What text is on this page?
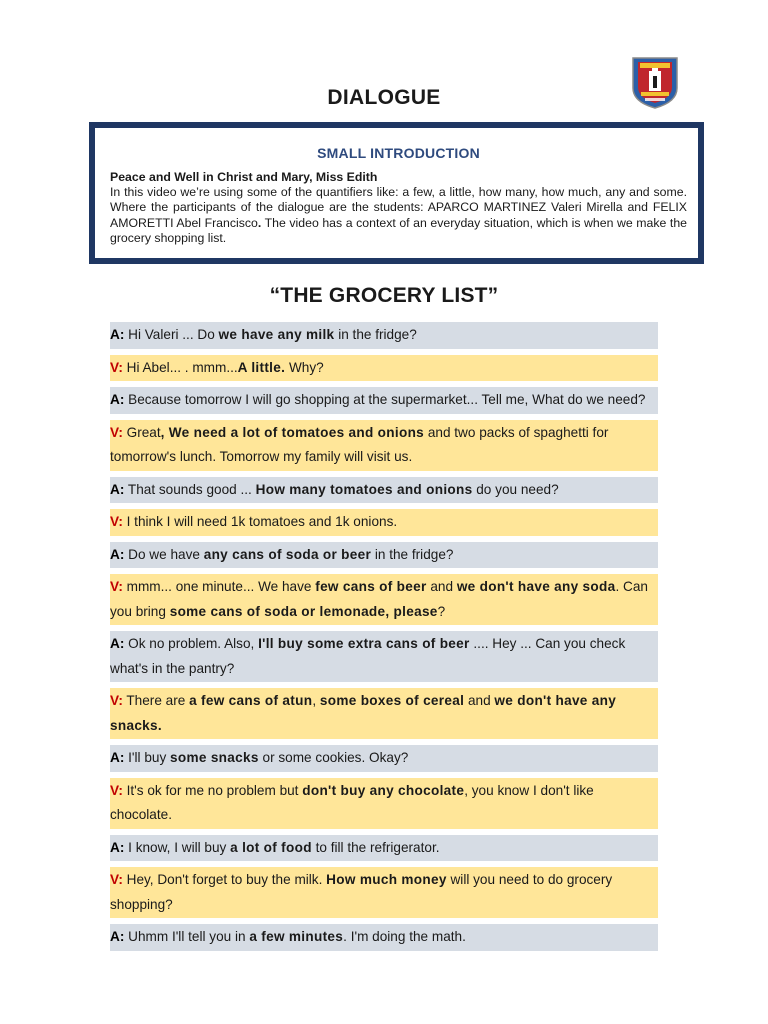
DIALOGUE
SMALL INTRODUCTION

Peace and Well in Christ and Mary, Miss Edith

In this video we’re using some of the quantifiers like: a few, a little, how many, how much, any and some. Where the participants of the dialogue are the students: APARCO MARTINEZ Valeri Mirella and FELIX AMORETTI Abel Francisco. The video has a context of an everyday situation, which is when we make the grocery shopping list.

“THE GROCERY LIST”

A: Hi Valeri ... Do we have any milk in the fridge?

V: Hi Abel... . mmm...A little. Why?

A: Because tomorrow I will go shopping at the supermarket... Tell me, What do we need?

V: Great, We need a lot of tomatoes and onions and two packs of spaghetti for tomorrow's lunch. Tomorrow my family will visit us.

A: That sounds good ... How many tomatoes and onions do you need?

V: I think I will need 1k tomatoes and 1k onions.

A: Do we have any cans of soda or beer in the fridge?

V: mmm... one minute... We have few cans of beer and we don't have any soda. Can you bring some cans of soda or lemonade, please?

A: Ok no problem. Also, I'll buy some extra cans of beer .... Hey ... Can you check what's in the pantry?

V: There are a few cans of atun, some boxes of cereal and we don't have any snacks.

A: I'll buy some snacks or some cookies. Okay?

V: It's ok for me no problem but don't buy any chocolate, you know I don't like chocolate.

A: I know, I will buy a lot of food to fill the refrigerator.

V: Hey, Don't forget to buy the milk. How much money will you need to do grocery shopping?

A: Uhmm I'll tell you in a few minutes. I'm doing the math.
